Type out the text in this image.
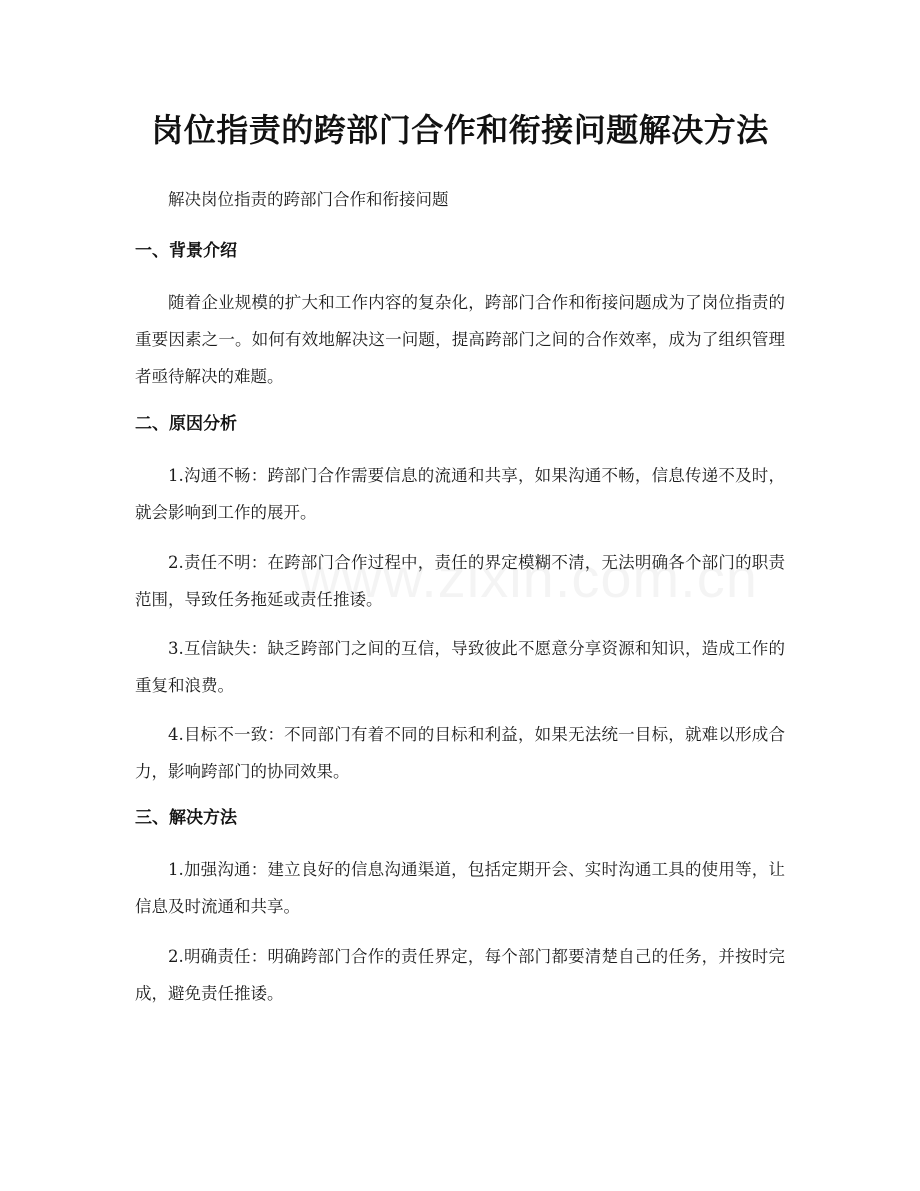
岗位指责的跨部门合作和衔接问题解决方法

解决岗位指责的跨部门合作和衔接问题

一、背景介绍

随着企业规模的扩大和工作内容的复杂化，跨部门合作和衔接问题成为了岗位指责的重要因素之一。如何有效地解决这一问题，提高跨部门之间的合作效率，成为了组织管理者亟待解决的难题。

二、原因分析

1.沟通不畅：跨部门合作需要信息的流通和共享，如果沟通不畅，信息传递不及时，就会影响到工作的展开。

2.责任不明：在跨部门合作过程中，责任的界定模糊不清，无法明确各个部门的职责范围，导致任务拖延或责任推诿。

3.互信缺失：缺乏跨部门之间的互信，导致彼此不愿意分享资源和知识，造成工作的重复和浪费。

4.目标不一致：不同部门有着不同的目标和利益，如果无法统一目标，就难以形成合力，影响跨部门的协同效果。

三、解决方法

1.加强沟通：建立良好的信息沟通渠道，包括定期开会、实时沟通工具的使用等，让信息及时流通和共享。

2.明确责任：明确跨部门合作的责任界定，每个部门都要清楚自己的任务，并按时完成，避免责任推诿。
